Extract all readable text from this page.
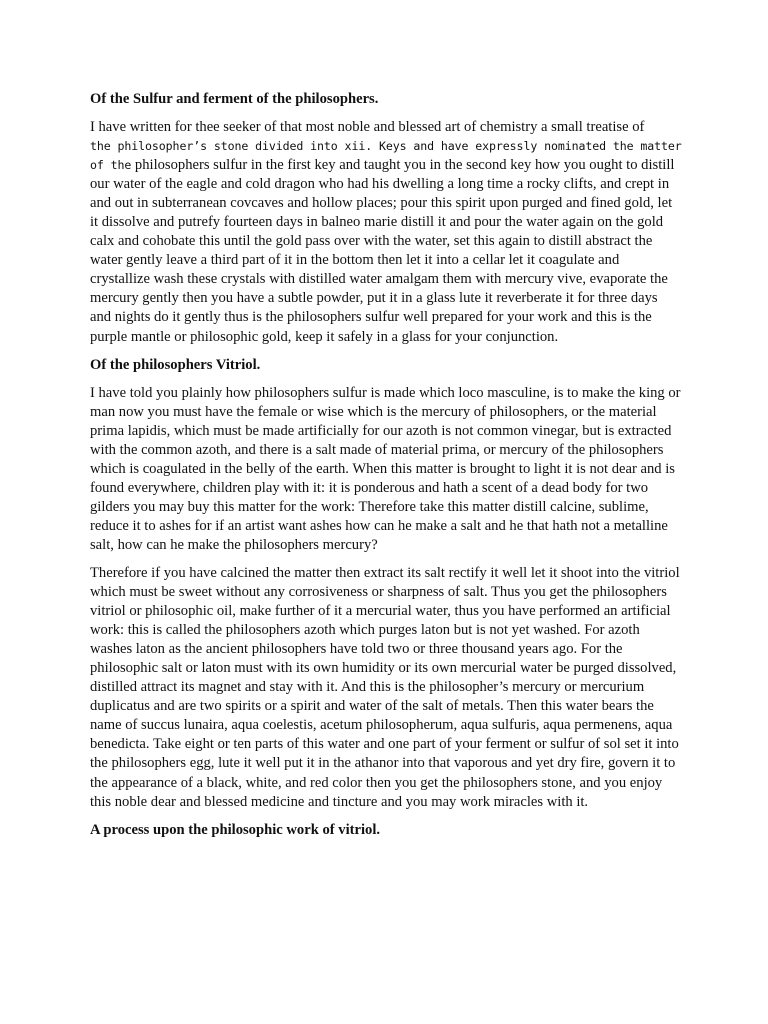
Of the Sulfur and ferment of the philosophers.
I have written for thee seeker of that most noble and blessed art of chemistry a small treatise of
the philosopher’s stone divided into xii. Keys and have expressly nominated the matter of the philosophers sulfur in the first key and taught you in the second key how you ought to distill our water of the eagle and cold dragon who had his dwelling a long time a rocky clifts, and crept in and out in subterranean covcaves and hollow places; pour this spirit upon purged and fined gold, let it dissolve and putrefy fourteen days in balneo marie distill it and pour the water again on the gold calx and cohobate this until the gold pass over with the water, set this again to distill abstract the water gently leave a third part of it in the bottom then let it into a cellar let it coagulate and crystallize wash these crystals with distilled water amalgam them with mercury vive, evaporate the mercury gently then you have a subtle powder, put it in a glass lute it reverberate it for three days and nights do it gently thus is the philosophers sulfur well prepared for your work and this is the purple mantle or philosophic gold, keep it safely in a glass for your conjunction.
Of the philosophers Vitriol.
I have told you plainly how philosophers sulfur is made which loco masculine, is to make the king or man now you must have the female or wise which is the mercury of philosophers, or the material prima lapidis, which must be made artificially for our azoth is not common vinegar, but is extracted with the common azoth, and there is a salt made of material prima, or mercury of the philosophers which is coagulated in the belly of the earth. When this matter is brought to light it is not dear and is found everywhere, children play with it: it is ponderous and hath a scent of a dead body for two gilders you may buy this matter for the work: Therefore take this matter distill calcine, sublime, reduce it to ashes for if an artist want ashes how can he make a salt and he that hath not a metalline salt, how can he make the philosophers mercury?
Therefore if you have calcined the matter then extract its salt rectify it well let it shoot into the vitriol which must be sweet without any corrosiveness or sharpness of salt. Thus you get the philosophers vitriol or philosophic oil, make further of it a mercurial water, thus you have performed an artificial work: this is called the philosophers azoth which purges laton but is not yet washed. For azoth washes laton as the ancient philosophers have told two or three thousand years ago. For the philosophic salt or laton must with its own humidity or its own mercurial water be purged dissolved, distilled attract its magnet and stay with it. And this is the philosopher’s mercury or mercurium duplicatus and are two spirits or a spirit and water of the salt of metals. Then this water bears the name of succus lunaira, aqua coelestis, acetum philosopherum, aqua sulfuris, aqua permenens, aqua benedicta. Take eight or ten parts of this water and one part of your ferment or sulfur of sol set it into the philosophers egg, lute it well put it in the athanor into that vaporous and yet dry fire, govern it to the appearance of a black, white, and red color then you get the philosophers stone, and you enjoy this noble dear and blessed medicine and tincture and you may work miracles with it.
A process upon the philosophic work of vitriol.
